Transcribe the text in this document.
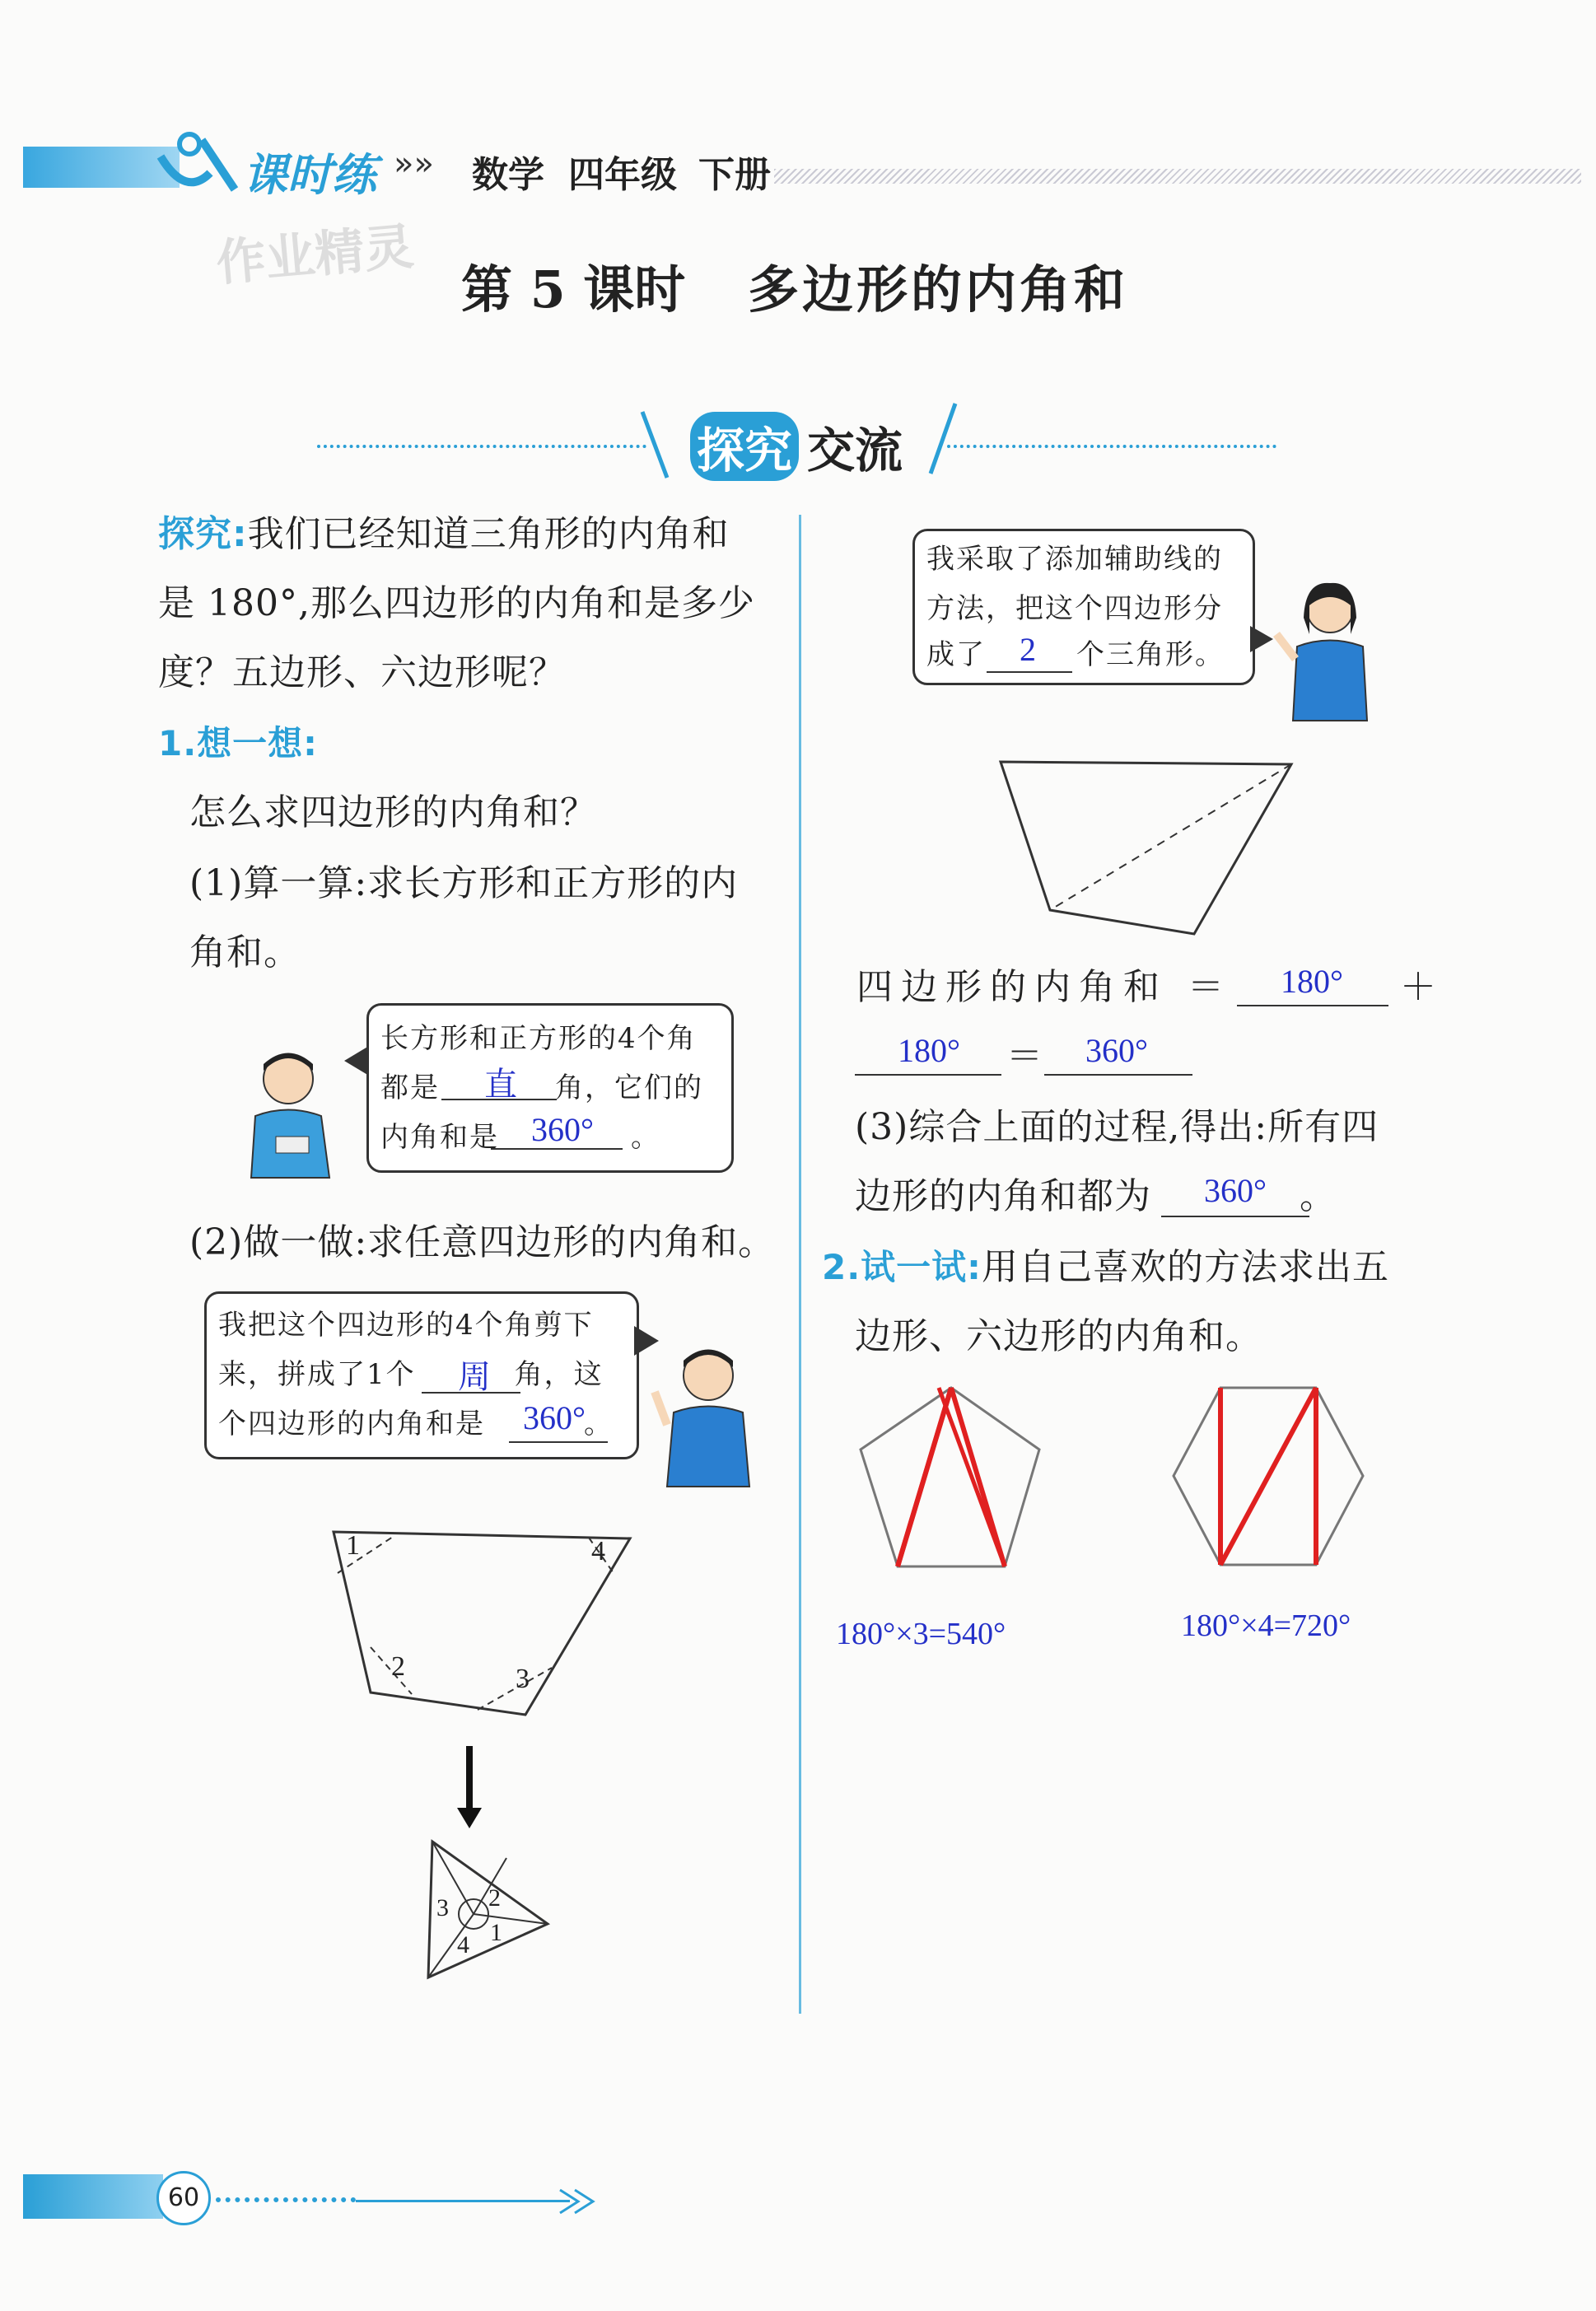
课时练 »» 数学 四年级 下册
作业精灵 第 5 课时 多边形的内角和
探究 交流
探究:我们已经知道三角形的内角和
是 180°,那么四边形的内角和是多少
度？五边形、六边形呢？
1.想一想:
怎么求四边形的内角和？
(1)算一算:求长方形和正方形的内
角和。
长方形和正方形的4个角
都是	角，它们的
内角和是	。
直
360°
(2)做一做:求任意四边形的内角和。
我把这个四边形的4个角剪下
来，拼成了1个	角，这
个四边形的内角和是	。
周
360°
1
2	3
4
3 2
4 1
我采取了添加辅助线的
方法，把这个四边形分
成了	个三角形。
2
四边形的内角和 ＝ 180° ＋
180° ＝ 360°
(3)综合上面的过程,得出:所有四
边形的内角和都为	。
360°
2.试一试:用自己喜欢的方法求出五
边形、六边形的内角和。
180°×3=540°	180°×4=720°
60
